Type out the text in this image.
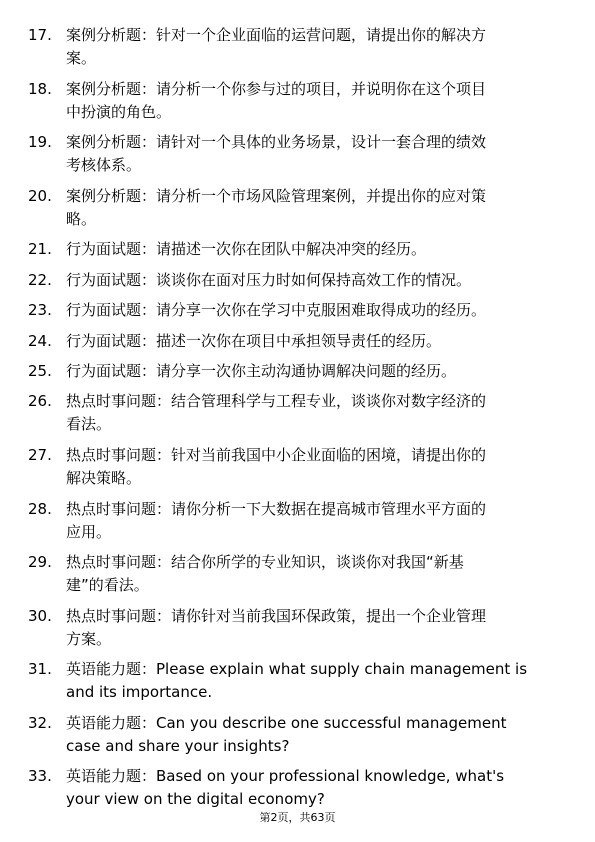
17. 案例分析题：针对一个企业面临的运营问题，请提出你的解决方
案。
18. 案例分析题：请分析一个你参与过的项目，并说明你在这个项目
中扮演的角色。
19. 案例分析题：请针对一个具体的业务场景，设计一套合理的绩效
考核体系。
20. 案例分析题：请分析一个市场风险管理案例，并提出你的应对策
略。
21. 行为面试题：请描述一次你在团队中解决冲突的经历。
22. 行为面试题：谈谈你在面对压力时如何保持高效工作的情况。
23. 行为面试题：请分享一次你在学习中克服困难取得成功的经历。
24. 行为面试题：描述一次你在项目中承担领导责任的经历。
25. 行为面试题：请分享一次你主动沟通协调解决问题的经历。
26. 热点时事问题：结合管理科学与工程专业，谈谈你对数字经济的
看法。
27. 热点时事问题：针对当前我国中小企业面临的困境，请提出你的
解决策略。
28. 热点时事问题：请你分析一下大数据在提高城市管理水平方面的
应用。
29. 热点时事问题：结合你所学的专业知识，谈谈你对我国“新基
建”的看法。
30. 热点时事问题：请你针对当前我国环保政策，提出一个企业管理
方案。
31. 英语能力题：Please explain what supply chain management is
and its importance.
32. 英语能力题：Can you describe one successful management
case and share your insights?
33. 英语能力题：Based on your professional knowledge, what's
your view on the digital economy?
第2页，共63页
